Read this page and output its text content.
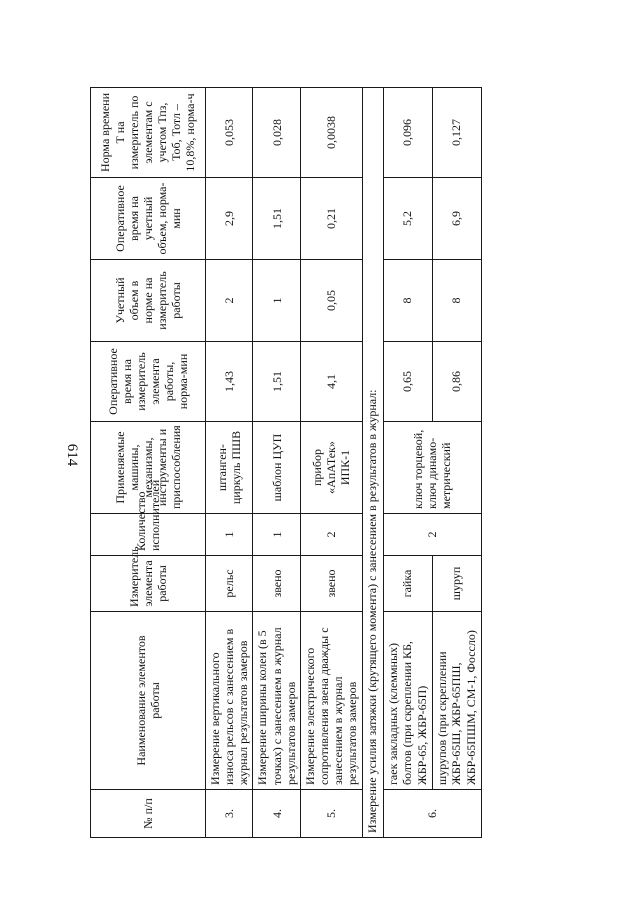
614
№ п/п	Наименование элементов работы	Измеритель элемента работы	Количество исполнителей	Применяемые машины, механизмы, инструменты и приспособления	Оперативное время на измеритель элемента работы, норма-мин	Учетный объем в норме на измеритель работы	Оперативное время на учетный объем, норма-мин	Норма времени Т на измеритель по элементам с учетом Тпз, Тоб, Тотл – 10,8%, норма-ч
3.	Измерение вертикального износа рельсов с занесением в журнал результатов замеров	рельс	1	штанген-циркуль ПШВ	1,43	2	2,9	0,053
4.	Измерение ширины колеи (в 5 точках) с занесением в журнал результатов замеров	звено	1	шаблон ЦУП	1,51	1	1,51	0,028
5.	Измерение электрического сопротивления звена дважды с занесением в журнал результатов замеров	звено	2	прибор «АпАТек» ИПК-1	4,1	0,05	0,21	0,0038
Измерение усилия затяжки (крутящего момента) с занесением в результатов в журнал:								
6.	гаек закладных (клеммных) болтов (при скреплении КБ, ЖБР-65, ЖБР-65П)	гайка	2	ключ торцевой, ключ динамо-метрический	0,65	8	5,2	0,096
	шурупов (при скреплении ЖБР-65Ш, ЖБР-65ПШ, ЖБР-65ПШМ, СМ-1, Фоссло)	шуруп			0,86	8	6,9	0,127
